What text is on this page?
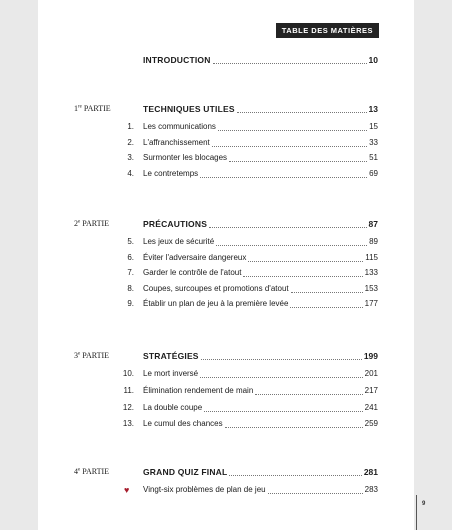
TABLE DES MATIÈRES
9
INTRODUCTION	10
1re PARTIE	TECHNIQUES UTILES	13
1. Les communications	15
2. L'affranchissement	33
3. Surmonter les blocages	51
4. Le contretemps	69
2e PARTIE	PRÉCAUTIONS	87
5. Les jeux de sécurité	89
6. Éviter l'adversaire dangereux	115
7. Garder le contrôle de l'atout	133
8. Coupes, surcoupes et promotions d'atout	153
9. Établir un plan de jeu à la première levée	177
3e PARTIE	STRATÉGIES	199
10. Le mort inversé	201
11. Élimination rendement de main	217
12. La double coupe	241
13. Le cumul des chances	259
4e PARTIE	GRAND QUIZ FINAL	281
♥ Vingt-six problèmes de plan de jeu	283
